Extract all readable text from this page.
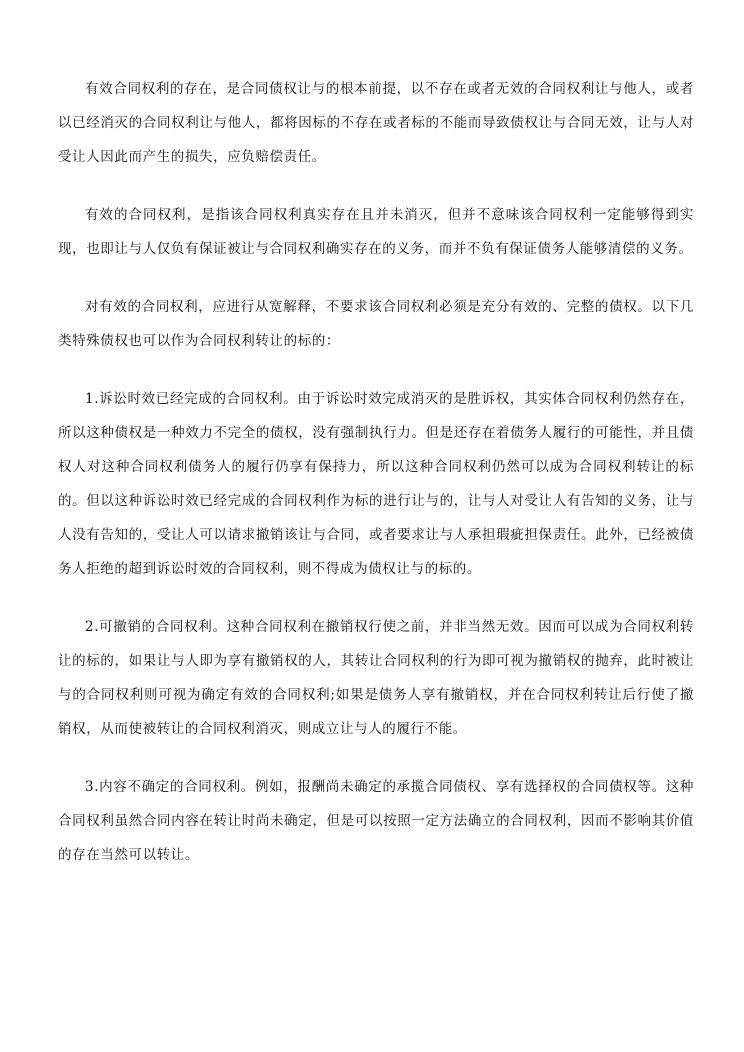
有效合同权利的存在，是合同债权让与的根本前提，以不存在或者无效的合同权利让与他人，或者以已经消灭的合同权利让与他人，都将因标的不存在或者标的不能而导致债权让与合同无效，让与人对受让人因此而产生的损失，应负赔偿责任。

有效的合同权利，是指该合同权利真实存在且并未消灭，但并不意味该合同权利一定能够得到实现，也即让与人仅负有保证被让与合同权利确实存在的义务，而并不负有保证债务人能够清偿的义务。

对有效的合同权利，应进行从宽解释，不要求该合同权利必须是充分有效的、完整的债权。以下几类特殊债权也可以作为合同权利转让的标的：

1.诉讼时效已经完成的合同权利。由于诉讼时效完成消灭的是胜诉权，其实体合同权利仍然存在，所以这种债权是一种效力不完全的债权，没有强制执行力。但是还存在着债务人履行的可能性，并且债权人对这种合同权利债务人的履行仍享有保持力，所以这种合同权利仍然可以成为合同权利转让的标的。但以这种诉讼时效已经完成的合同权利作为标的进行让与的，让与人对受让人有告知的义务，让与人没有告知的，受让人可以请求撤销该让与合同，或者要求让与人承担瑕疵担保责任。此外，已经被债务人拒绝的超到诉讼时效的合同权利，则不得成为债权让与的标的。

2.可撤销的合同权利。这种合同权利在撤销权行使之前，并非当然无效。因而可以成为合同权利转让的标的，如果让与人即为享有撤销权的人，其转让合同权利的行为即可视为撤销权的抛弃，此时被让与的合同权利则可视为确定有效的合同权利;如果是债务人享有撤销权，并在合同权利转让后行使了撤销权，从而使被转让的合同权利消灭，则成立让与人的履行不能。

3.内容不确定的合同权利。例如，报酬尚未确定的承揽合同债权、享有选择权的合同债权等。这种合同权利虽然合同内容在转让时尚未确定，但是可以按照一定方法确立的合同权利，因而不影响其价值的存在当然可以转让。
